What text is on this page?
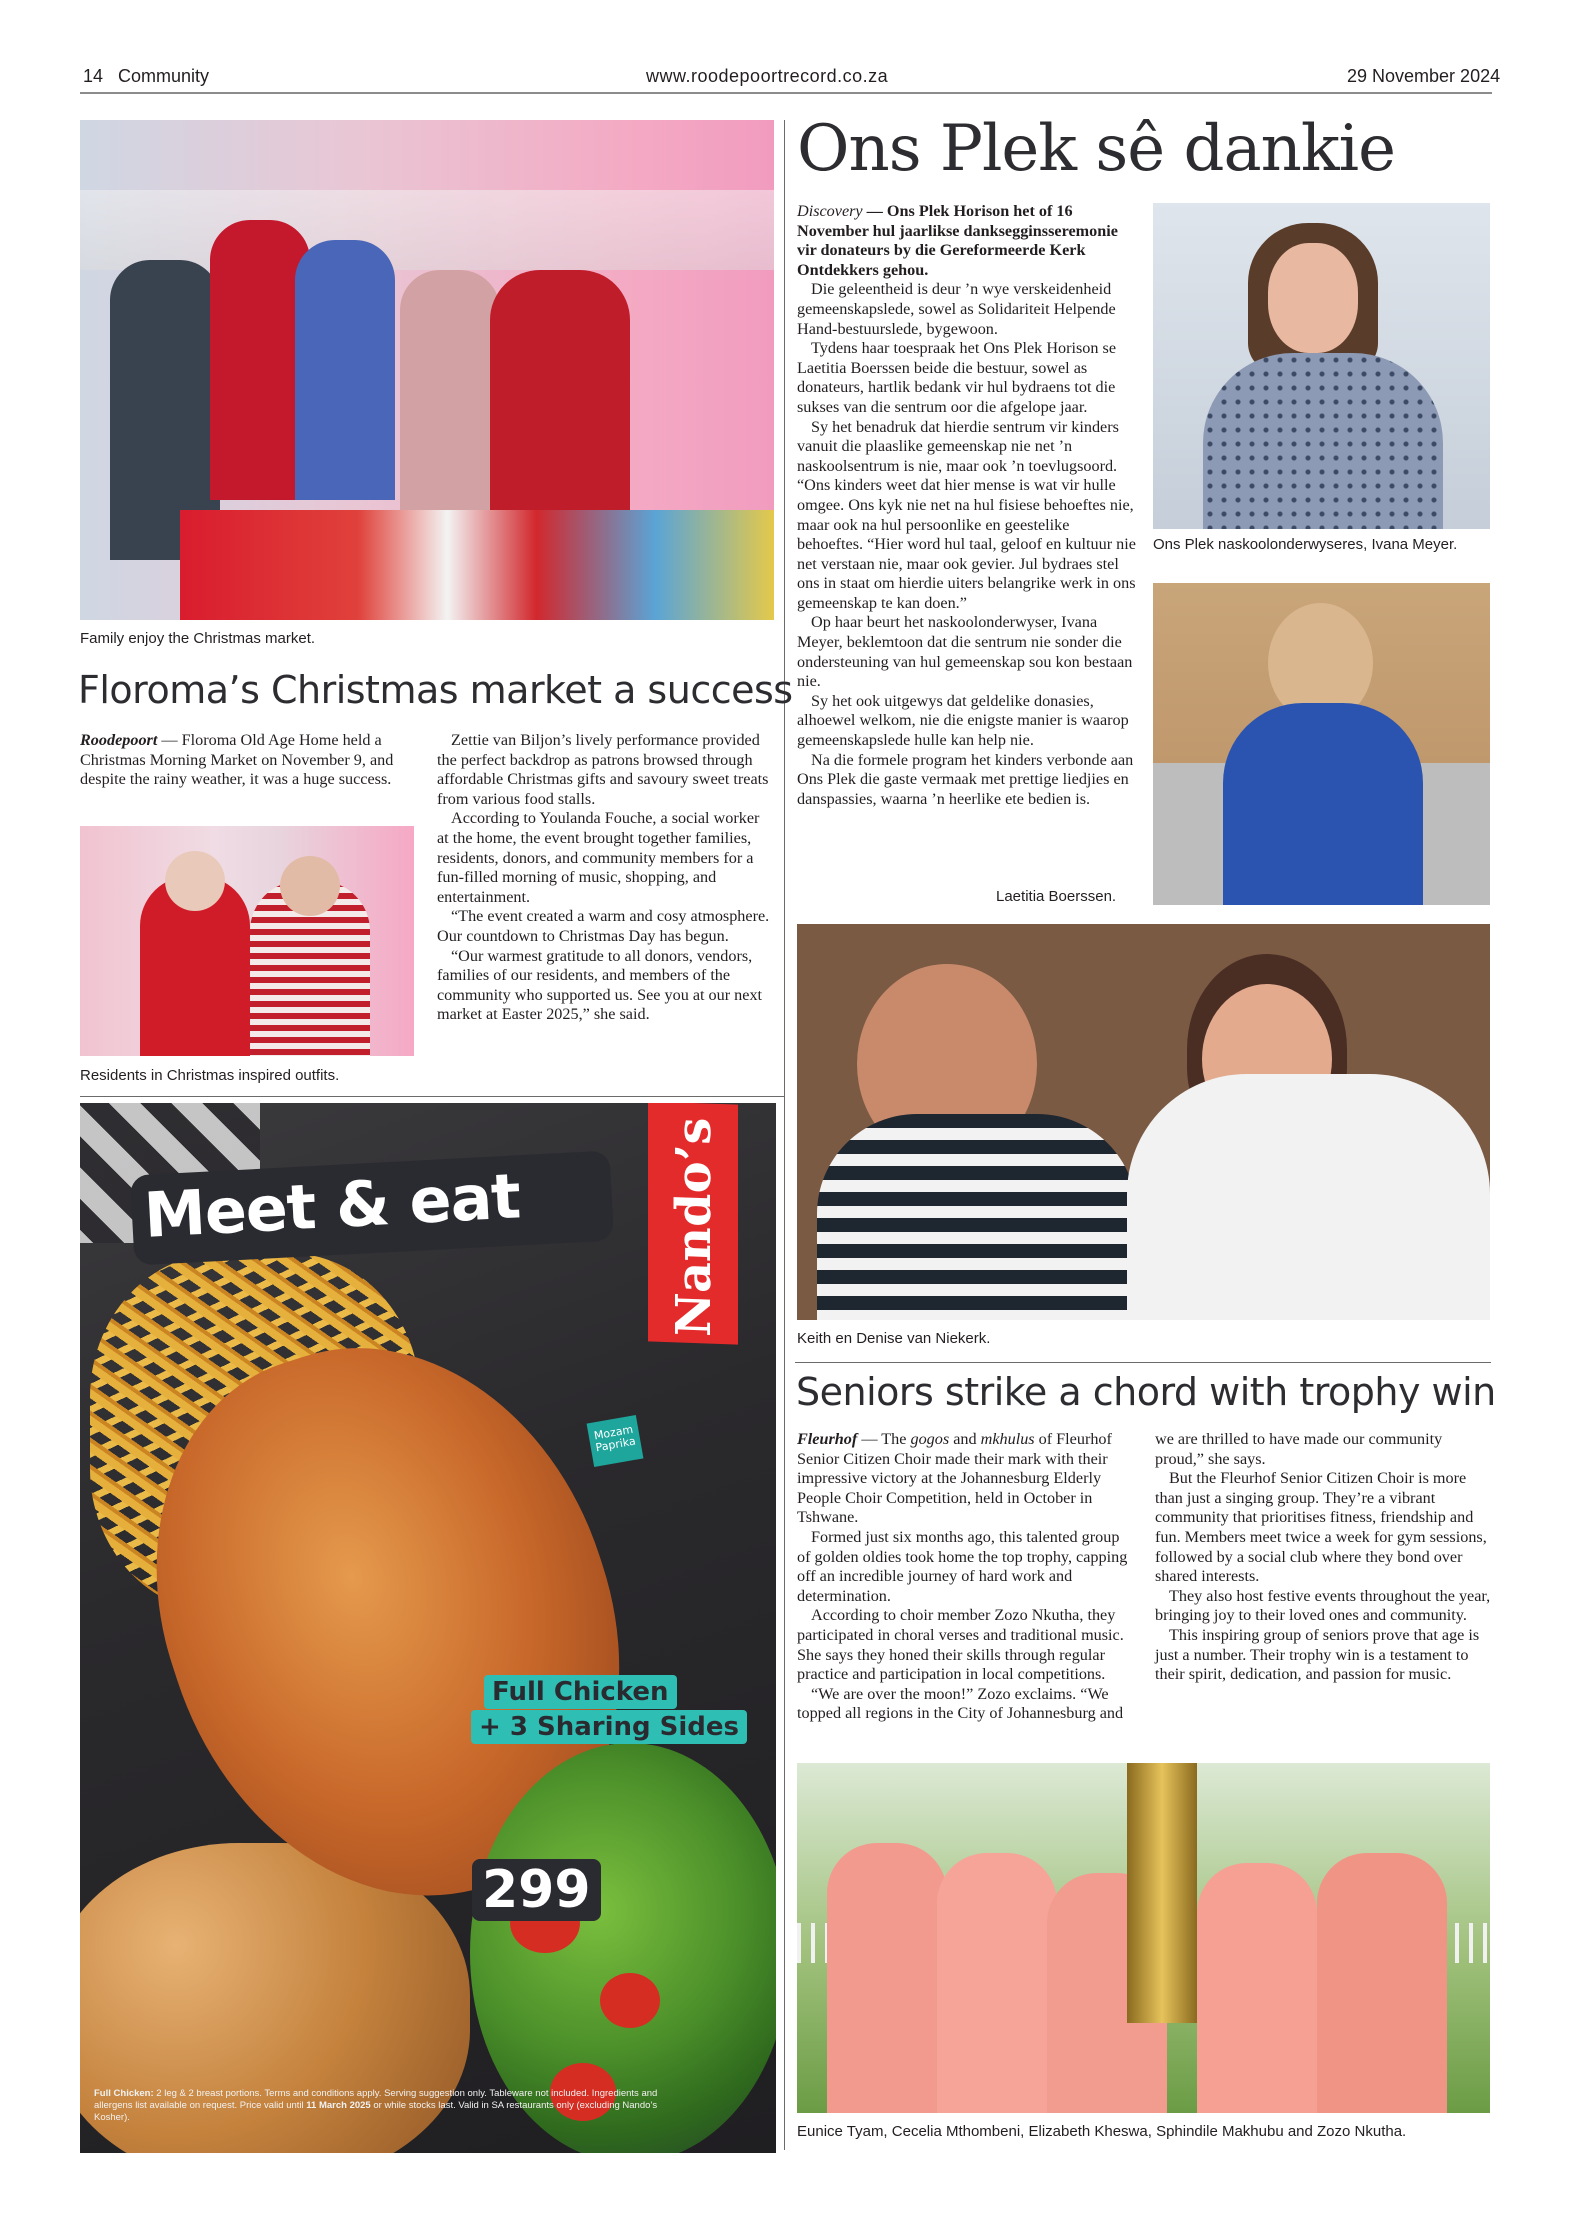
14 Community	www.roodepoortrecord.co.za	29 November 2024
Family enjoy the Christmas market.
Floroma’s Christmas market a success

Roodepoort — Floroma Old Age Home held a Christmas Morning Market on November 9, and despite the rainy weather, it was a huge success.

Residents in Christmas inspired outfits.

Zettie van Biljon’s lively performance provided the perfect backdrop as patrons browsed through affordable Christmas gifts and savoury sweet treats from various food stalls.

According to Youlanda Fouche, a social worker at the home, the event brought together families, residents, donors, and community members for a fun-filled morning of music, shopping, and entertainment.

“The event created a warm and cosy atmosphere. Our countdown to Christmas Day has begun.

“Our warmest gratitude to all donors, vendors, families of our residents, and members of the community who supported us. See you at our next market at Easter 2025,” she said.

Meet & eat	Nando’s
Mozam Paprika
Full Chicken
+ 3 Sharing Sides
299
Full Chicken: 2 leg & 2 breast portions. Terms and conditions apply. Serving suggestion only. Tableware not included. Ingredients and allergens list available on request. Price valid until 11 March 2025 or while stocks last. Valid in SA restaurants only (excluding Nando’s Kosher).
Ons Plek sê dankie

Discovery — Ons Plek Horison het of 16 November hul jaarlikse danksegginsseremonie vir donateurs by die Gereformeerde Kerk Ontdekkers gehou.

Die geleentheid is deur ’n wye verskeidenheid gemeenskapslede, sowel as Solidariteit Helpende Hand-bestuurslede, bygewoon.

Tydens haar toespraak het Ons Plek Horison se Laetitia Boerssen beide die bestuur, sowel as donateurs, hartlik bedank vir hul bydraens tot die sukses van die sentrum oor die afgelope jaar.

Sy het benadruk dat hierdie sentrum vir kinders vanuit die plaaslike gemeenskap nie net ’n naskoolsentrum is nie, maar ook ’n toevlugsoord. “Ons kinders weet dat hier mense is wat vir hulle omgee. Ons kyk nie net na hul fisiese behoeftes nie, maar ook na hul persoonlike en geestelike behoeftes. “Hier word hul taal, geloof en kultuur nie net verstaan nie, maar ook gevier. Jul bydraes stel ons in staat om hierdie uiters belangrike werk in ons gemeenskap te kan doen.”

Op haar beurt het naskoolonderwyser, Ivana Meyer, beklemtoon dat die sentrum nie sonder die ondersteuning van hul gemeenskap sou kon bestaan nie.

Sy het ook uitgewys dat geldelike donasies, alhoewel welkom, nie die enigste manier is waarop gemeenskapslede hulle kan help nie.

Na die formele program het kinders verbonde aan Ons Plek die gaste vermaak met prettige liedjies en danspassies, waarna ’n heerlike ete bedien is.

Ons Plek naskoolonderwyseres, Ivana Meyer.
Laetitia Boerssen.
Keith en Denise van Niekerk.
Seniors strike a chord with trophy win

Fleurhof — The gogos and mkhulus of Fleurhof Senior Citizen Choir made their mark with their impressive victory at the Johannesburg Elderly People Choir Competition, held in October in Tshwane.

Formed just six months ago, this talented group of golden oldies took home the top trophy, capping off an incredible journey of hard work and determination.

According to choir member Zozo Nkutha, they participated in choral verses and traditional music. She says they honed their skills through regular practice and participation in local competitions.

“We are over the moon!” Zozo exclaims. “We topped all regions in the City of Johannesburg and we are thrilled to have made our community proud,” she says.

But the Fleurhof Senior Citizen Choir is more than just a singing group. They’re a vibrant community that prioritises fitness, friendship and fun. Members meet twice a week for gym sessions, followed by a social club where they bond over shared interests.

They also host festive events throughout the year, bringing joy to their loved ones and community.

This inspiring group of seniors prove that age is just a number. Their trophy win is a testament to their spirit, dedication, and passion for music.

Eunice Tyam, Cecelia Mthombeni, Elizabeth Kheswa, Sphindile Makhubu and Zozo Nkutha.
